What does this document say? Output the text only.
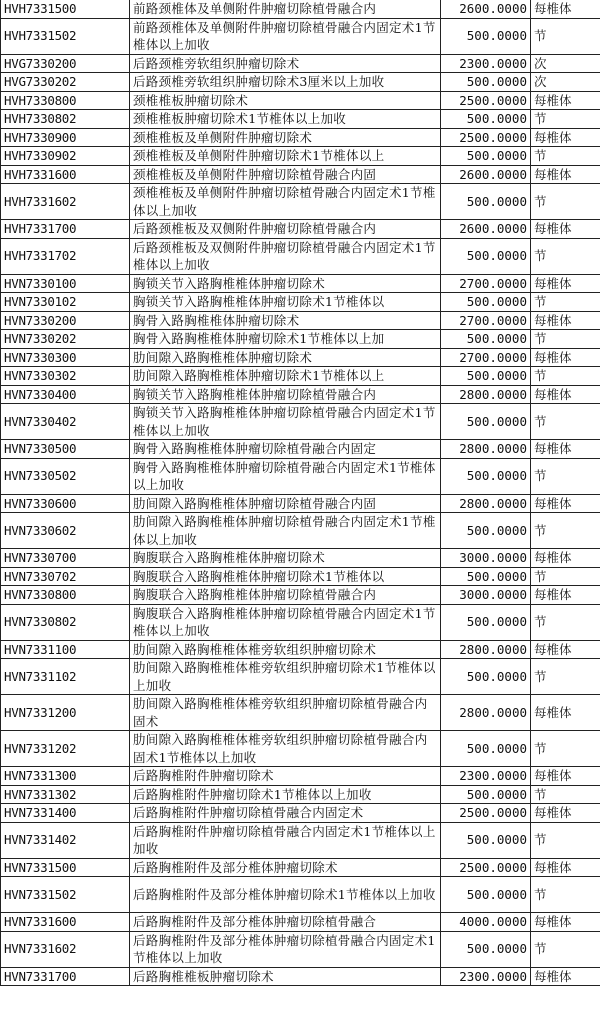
HVH7331500	前路颈椎体及单侧附件肿瘤切除植骨融合内	2600.0000	每椎体
HVH7331502	前路颈椎体及单侧附件肿瘤切除植骨融合内固定术1节椎体以上加收	500.0000	节
HVG7330200	后路颈椎旁软组织肿瘤切除术	2300.0000	次
HVG7330202	后路颈椎旁软组织肿瘤切除术3厘米以上加收	500.0000	次
HVH7330800	颈椎椎板肿瘤切除术	2500.0000	每椎体
HVH7330802	颈椎椎板肿瘤切除术1节椎体以上加收	500.0000	节
HVH7330900	颈椎椎板及单侧附件肿瘤切除术	2500.0000	每椎体
HVH7330902	颈椎椎板及单侧附件肿瘤切除术1节椎体以上	500.0000	节
HVH7331600	颈椎椎板及单侧附件肿瘤切除植骨融合内固	2600.0000	每椎体
HVH7331602	颈椎椎板及单侧附件肿瘤切除植骨融合内固定术1节椎体以上加收	500.0000	节
HVH7331700	后路颈椎板及双侧附件肿瘤切除植骨融合内	2600.0000	每椎体
HVH7331702	后路颈椎板及双侧附件肿瘤切除植骨融合内固定术1节椎体以上加收	500.0000	节
HVN7330100	胸锁关节入路胸椎椎体肿瘤切除术	2700.0000	每椎体
HVN7330102	胸锁关节入路胸椎椎体肿瘤切除术1节椎体以	500.0000	节
HVN7330200	胸骨入路胸椎椎体肿瘤切除术	2700.0000	每椎体
HVN7330202	胸骨入路胸椎椎体肿瘤切除术1节椎体以上加	500.0000	节
HVN7330300	肋间隙入路胸椎椎体肿瘤切除术	2700.0000	每椎体
HVN7330302	肋间隙入路胸椎椎体肿瘤切除术1节椎体以上	500.0000	节
HVN7330400	胸锁关节入路胸椎椎体肿瘤切除植骨融合内	2800.0000	每椎体
HVN7330402	胸锁关节入路胸椎椎体肿瘤切除植骨融合内固定术1节椎体以上加收	500.0000	节
HVN7330500	胸骨入路胸椎椎体肿瘤切除植骨融合内固定	2800.0000	每椎体
HVN7330502	胸骨入路胸椎椎体肿瘤切除植骨融合内固定术1节椎体以上加收	500.0000	节
HVN7330600	肋间隙入路胸椎椎体肿瘤切除植骨融合内固	2800.0000	每椎体
HVN7330602	肋间隙入路胸椎椎体肿瘤切除植骨融合内固定术1节椎体以上加收	500.0000	节
HVN7330700	胸腹联合入路胸椎椎体肿瘤切除术	3000.0000	每椎体
HVN7330702	胸腹联合入路胸椎椎体肿瘤切除术1节椎体以	500.0000	节
HVN7330800	胸腹联合入路胸椎椎体肿瘤切除植骨融合内	3000.0000	每椎体
HVN7330802	胸腹联合入路胸椎椎体肿瘤切除植骨融合内固定术1节椎体以上加收	500.0000	节
HVN7331100	肋间隙入路胸椎椎体椎旁软组织肿瘤切除术	2800.0000	每椎体
HVN7331102	肋间隙入路胸椎椎体椎旁软组织肿瘤切除术1节椎体以上加收	500.0000	节
HVN7331200	肋间隙入路胸椎椎体椎旁软组织肿瘤切除植骨融合内固术	2800.0000	每椎体
HVN7331202	肋间隙入路胸椎椎体椎旁软组织肿瘤切除植骨融合内固术1节椎体以上加收	500.0000	节
HVN7331300	后路胸椎附件肿瘤切除术	2300.0000	每椎体
HVN7331302	后路胸椎附件肿瘤切除术1节椎体以上加收	500.0000	节
HVN7331400	后路胸椎附件肿瘤切除植骨融合内固定术	2500.0000	每椎体
HVN7331402	后路胸椎附件肿瘤切除植骨融合内固定术1节椎体以上加收	500.0000	节
HVN7331500	后路胸椎附件及部分椎体肿瘤切除术	2500.0000	每椎体
HVN7331502	后路胸椎附件及部分椎体肿瘤切除术1节椎体以上加收	500.0000	节
HVN7331600	后路胸椎附件及部分椎体肿瘤切除植骨融合	4000.0000	每椎体
HVN7331602	后路胸椎附件及部分椎体肿瘤切除植骨融合内固定术1节椎体以上加收	500.0000	节
HVN7331700	后路胸椎椎板肿瘤切除术	2300.0000	每椎体
